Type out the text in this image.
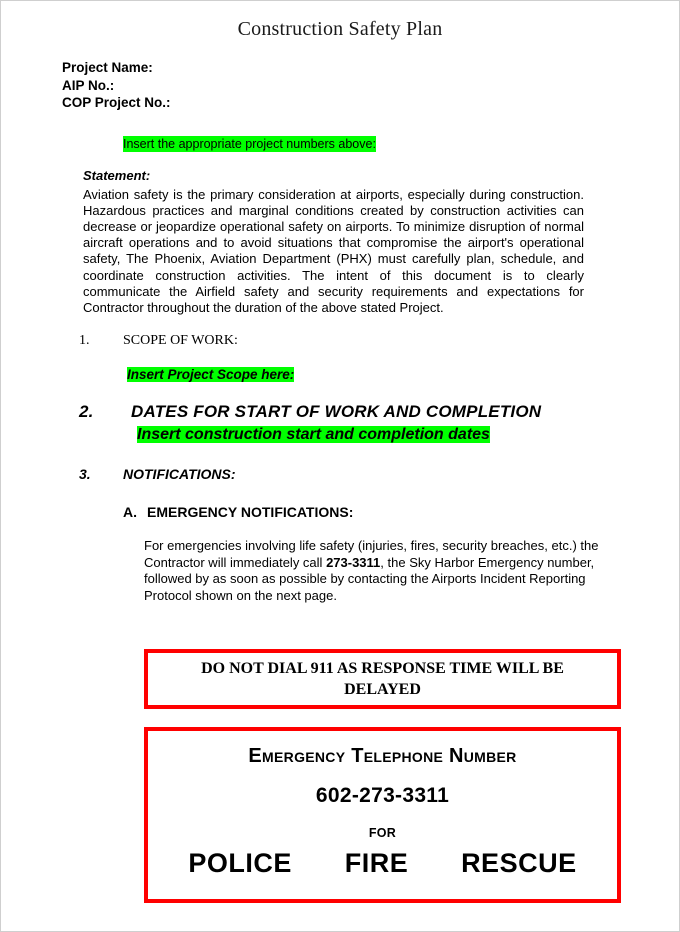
Construction Safety Plan
Project Name:
AIP No.:
COP Project No.:
Insert the appropriate project numbers above:
Statement:
Aviation safety is the primary consideration at airports, especially during construction. Hazardous practices and marginal conditions created by construction activities can decrease or jeopardize operational safety on airports. To minimize disruption of normal aircraft operations and to avoid situations that compromise the airport's operational safety, The Phoenix, Aviation Department (PHX) must carefully plan, schedule, and coordinate construction activities. The intent of this document is to clearly communicate the Airfield safety and security requirements and expectations for Contractor throughout the duration of the above stated Project.
1.	SCOPE OF WORK:
Insert Project Scope here:
2.	DATES FOR START OF WORK AND COMPLETION
Insert construction start and completion dates
3.	NOTIFICATIONS:
A. EMERGENCY NOTIFICATIONS:
For emergencies involving life safety (injuries, fires, security breaches, etc.) the Contractor will immediately call 273-3311, the Sky Harbor Emergency number, followed by as soon as possible by contacting the Airports Incident Reporting Protocol shown on the next page.
DO NOT DIAL 911 AS RESPONSE TIME WILL BE DELAYED
Emergency Telephone Number
602-273-3311
FOR
POLICE FIRE RESCUE
